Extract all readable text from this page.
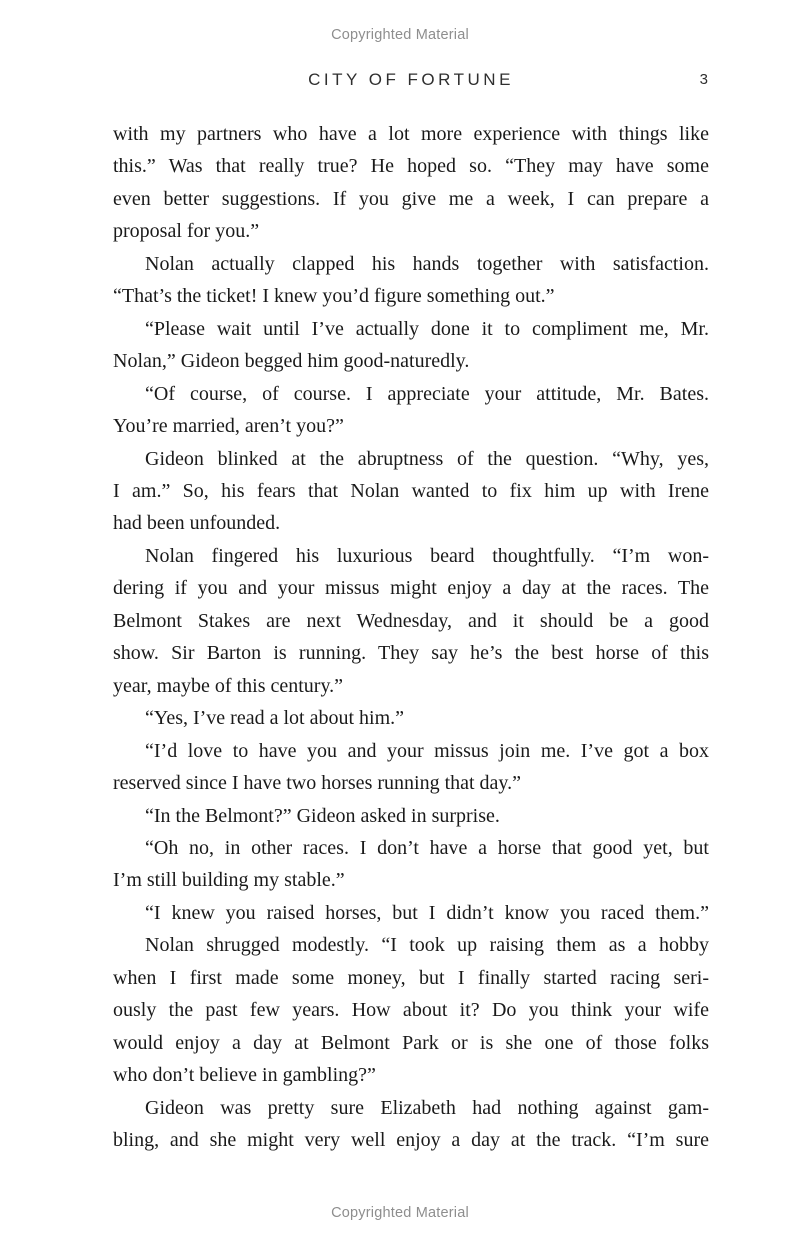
Copyrighted Material
CITY OF FORTUNE	3
with my partners who have a lot more experience with things like
this.” Was that really true? He hoped so. “They may have some
even better suggestions. If you give me a week, I can prepare a
proposal for you.”
Nolan actually clapped his hands together with satisfaction.
“That’s the ticket! I knew you’d figure something out.”
“Please wait until I’ve actually done it to compliment me, Mr.
Nolan,” Gideon begged him good-naturedly.
“Of course, of course. I appreciate your attitude, Mr. Bates.
You’re married, aren’t you?”
Gideon blinked at the abruptness of the question. “Why, yes,
I am.” So, his fears that Nolan wanted to fix him up with Irene
had been unfounded.
Nolan fingered his luxurious beard thoughtfully. “I’m won-
dering if you and your missus might enjoy a day at the races. The
Belmont Stakes are next Wednesday, and it should be a good
show. Sir Barton is running. They say he’s the best horse of this
year, maybe of this century.”
“Yes, I’ve read a lot about him.”
“I’d love to have you and your missus join me. I’ve got a box
reserved since I have two horses running that day.”
“In the Belmont?” Gideon asked in surprise.
“Oh no, in other races. I don’t have a horse that good yet, but
I’m still building my stable.”
“I knew you raised horses, but I didn’t know you raced them.”
Nolan shrugged modestly. “I took up raising them as a hobby
when I first made some money, but I finally started racing seri-
ously the past few years. How about it? Do you think your wife
would enjoy a day at Belmont Park or is she one of those folks
who don’t believe in gambling?”
Gideon was pretty sure Elizabeth had nothing against gam-
bling, and she might very well enjoy a day at the track. “I’m sure
Copyrighted Material
